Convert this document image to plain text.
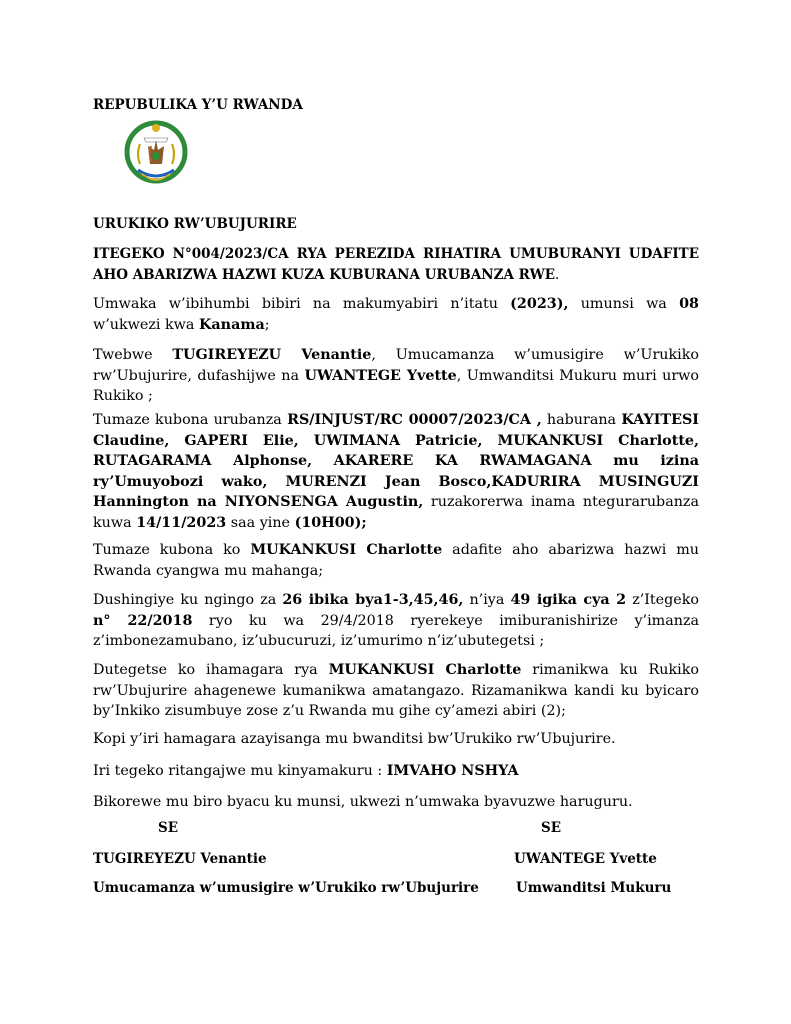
REPUBULIKA Y’U RWANDA
URUKIKO RW’UBUJURIRE
ITEGEKO N°004/2023/CA RYA PEREZIDA RIHATIRA UMUBURANYI UDAFITE AHO ABARIZWA HAZWI KUZA KUBURANA URUBANZA RWE.
Umwaka w’ibihumbi bibiri na makumyabiri n’itatu (2023), umunsi wa 08 w’ukwezi kwa Kanama;
Twebwe TUGIREYEZU Venantie, Umucamanza w’umusigire w’Urukiko rw’Ubujurire, dufashijwe na UWANTEGE Yvette, Umwanditsi Mukuru muri urwo Rukiko ;
Tumaze kubona urubanza RS/INJUST/RC 00007/2023/CA , haburana KAYITESI Claudine, GAPERI Elie, UWIMANA Patricie, MUKANKUSI Charlotte, RUTAGARAMA Alphonse, AKARERE KA RWAMAGANA mu izina ry’Umuyobozi wako, MURENZI Jean Bosco,KADURIRA MUSINGUZI Hannington na NIYONSENGA Augustin, ruzakorerwa inama ntegurarubanza kuwa 14/11/2023 saa yine (10H00);
Tumaze kubona ko MUKANKUSI Charlotte adafite aho abarizwa hazwi mu Rwanda cyangwa mu mahanga;
Dushingiye ku ngingo za 26 ibika bya1-3,45,46, n’iya 49 igika cya 2 z’Itegeko n° 22/2018 ryo ku wa 29/4/2018 ryerekeye imiburanishirize y’imanza z’imbonezamubano, iz’ubucuruzi, iz’umurimo n’iz’ubutegetsi ;
Dutegetse ko ihamagara rya MUKANKUSI Charlotte rimanikwa ku Rukiko rw’Ubujurire ahagenewe kumanikwa amatangazo. Rizamanikwa kandi ku byicaro by’Inkiko zisumbuye zose z’u Rwanda mu gihe cy’amezi abiri (2);
Kopi y’iri hamagara azayisanga mu bwanditsi bw’Urukiko rw’Ubujurire.
Iri tegeko ritangajwe mu kinyamakuru : IMVAHO NSHYA
Bikorewe mu biro byacu ku munsi, ukwezi n’umwaka byavuzwe haruguru.
SE	SE
TUGIREYEZU Venantie	UWANTEGE Yvette
Umucamanza w’umusigire w’Urukiko rw’Ubujurire	Umwanditsi Mukuru
